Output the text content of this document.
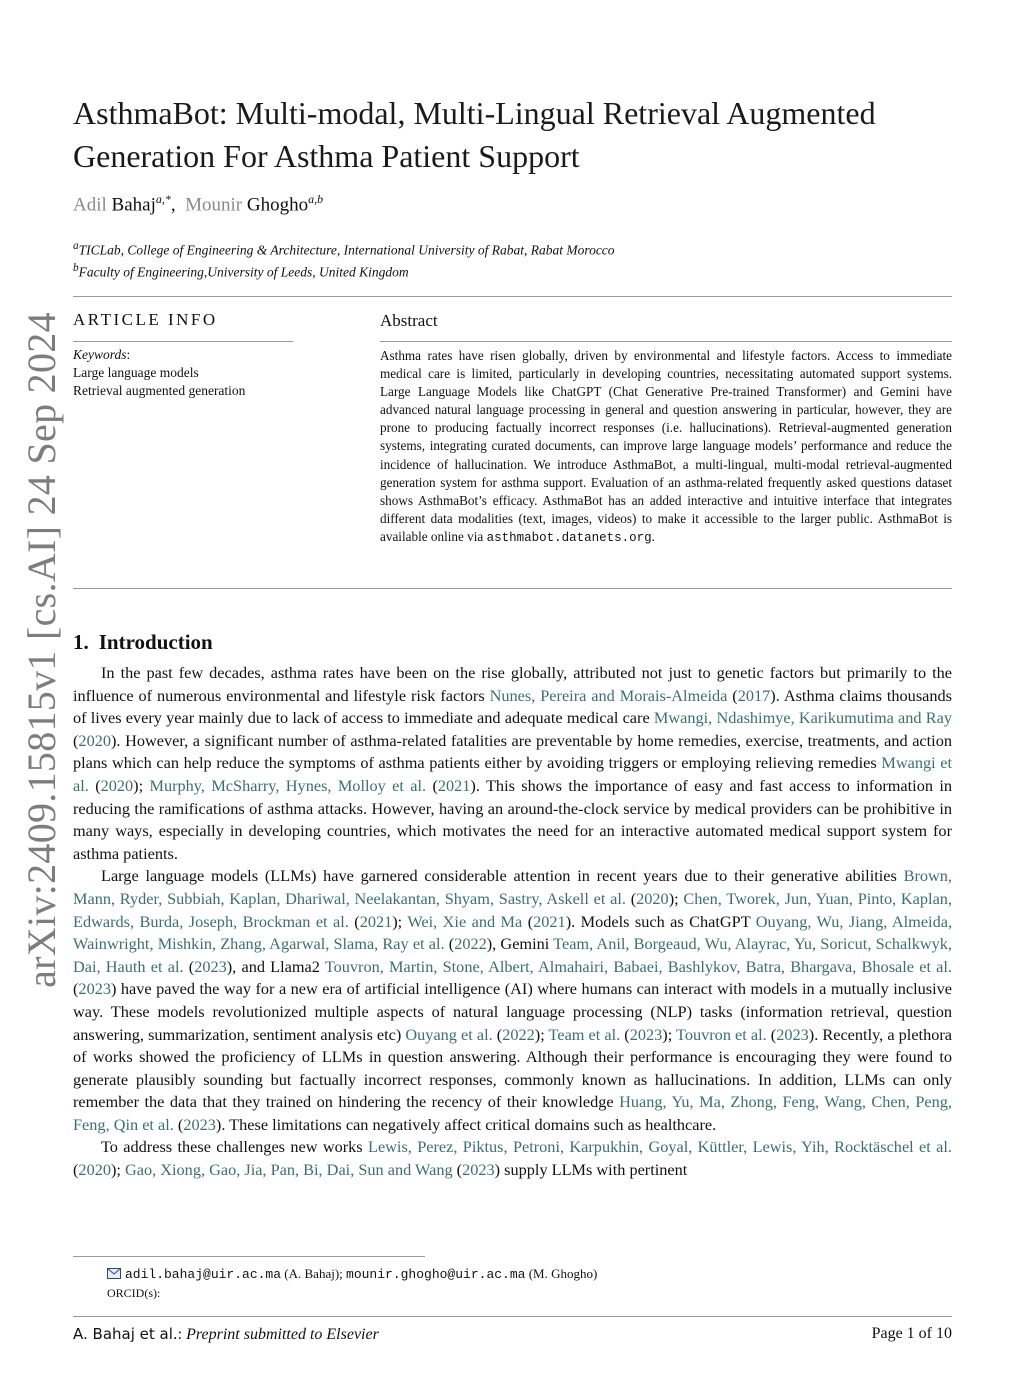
arXiv:2409.15815v1 [cs.AI] 24 Sep 2024
AsthmaBot: Multi-modal, Multi-Lingual Retrieval Augmented Generation For Asthma Patient Support
Adil Bahaj$^{a,*}$,  Mounir Ghogho$^{a,b}$
$^a$TICLab, College of Engineering & Architecture, International University of Rabat, Rabat Morocco
$^b$Faculty of Engineering,University of Leeds, United Kingdom
ARTICLE INFO
Keywords:
Large language models
Retrieval augmented generation
Abstract
Asthma rates have risen globally, driven by environmental and lifestyle factors. Access to immediate medical care is limited, particularly in developing countries, necessitating automated support systems. Large Language Models like ChatGPT (Chat Generative Pre-trained Transformer) and Gemini have advanced natural language processing in general and question answering in particular, however, they are prone to producing factually incorrect responses (i.e. hallucinations). Retrieval-augmented generation systems, integrating curated documents, can improve large language models’ performance and reduce the incidence of hallucination. We introduce AsthmaBot, a multi-lingual, multi-modal retrieval-augmented generation system for asthma support. Evaluation of an asthma-related frequently asked questions dataset shows AsthmaBot’s efficacy. AsthmaBot has an added interactive and intuitive interface that integrates different data modalities (text, images, videos) to make it accessible to the larger public. AsthmaBot is available online via asthmabot.datanets.org.
1. Introduction

In the past few decades, asthma rates have been on the rise globally, attributed not just to genetic factors but primarily to the influence of numerous environmental and lifestyle risk factors Nunes, Pereira and Morais-Almeida (2017). Asthma claims thousands of lives every year mainly due to lack of access to immediate and adequate medical care Mwangi, Ndashimye, Karikumutima and Ray (2020). However, a significant number of asthma-related fatalities are preventable by home remedies, exercise, treatments, and action plans which can help reduce the symptoms of asthma patients either by avoiding triggers or employing relieving remedies Mwangi et al. (2020); Murphy, McSharry, Hynes, Molloy et al. (2021). This shows the importance of easy and fast access to information in reducing the ramifications of asthma attacks. However, having an around-the-clock service by medical providers can be prohibitive in many ways, especially in developing countries, which motivates the need for an interactive automated medical support system for asthma patients.

Large language models (LLMs) have garnered considerable attention in recent years due to their generative abilities Brown, Mann, Ryder, Subbiah, Kaplan, Dhariwal, Neelakantan, Shyam, Sastry, Askell et al. (2020); Chen, Tworek, Jun, Yuan, Pinto, Kaplan, Edwards, Burda, Joseph, Brockman et al. (2021); Wei, Xie and Ma (2021). Models such as ChatGPT Ouyang, Wu, Jiang, Almeida, Wainwright, Mishkin, Zhang, Agarwal, Slama, Ray et al. (2022), Gemini Team, Anil, Borgeaud, Wu, Alayrac, Yu, Soricut, Schalkwyk, Dai, Hauth et al. (2023), and Llama2 Touvron, Martin, Stone, Albert, Almahairi, Babaei, Bashlykov, Batra, Bhargava, Bhosale et al. (2023) have paved the way for a new era of artificial intelligence (AI) where humans can interact with models in a mutually inclusive way. These models revolutionized multiple aspects of natural language processing (NLP) tasks (information retrieval, question answering, summarization, sentiment analysis etc) Ouyang et al. (2022); Team et al. (2023); Touvron et al. (2023). Recently, a plethora of works showed the proficiency of LLMs in question answering. Although their performance is encouraging they were found to generate plausibly sounding but factually incorrect responses, commonly known as hallucinations. In addition, LLMs can only remember the data that they trained on hindering the recency of their knowledge Huang, Yu, Ma, Zhong, Feng, Wang, Chen, Peng, Feng, Qin et al. (2023). These limitations can negatively affect critical domains such as healthcare.

To address these challenges new works Lewis, Perez, Piktus, Petroni, Karpukhin, Goyal, Küttler, Lewis, Yih, Rocktäschel et al. (2020); Gao, Xiong, Gao, Jia, Pan, Bi, Dai, Sun and Wang (2023) supply LLMs with pertinent

adil.bahaj@uir.ac.ma (A. Bahaj); mounir.ghogho@uir.ac.ma (M. Ghogho)
ORCID(s):
A. Bahaj et al.: Preprint submitted to Elsevier	Page 1 of 10
